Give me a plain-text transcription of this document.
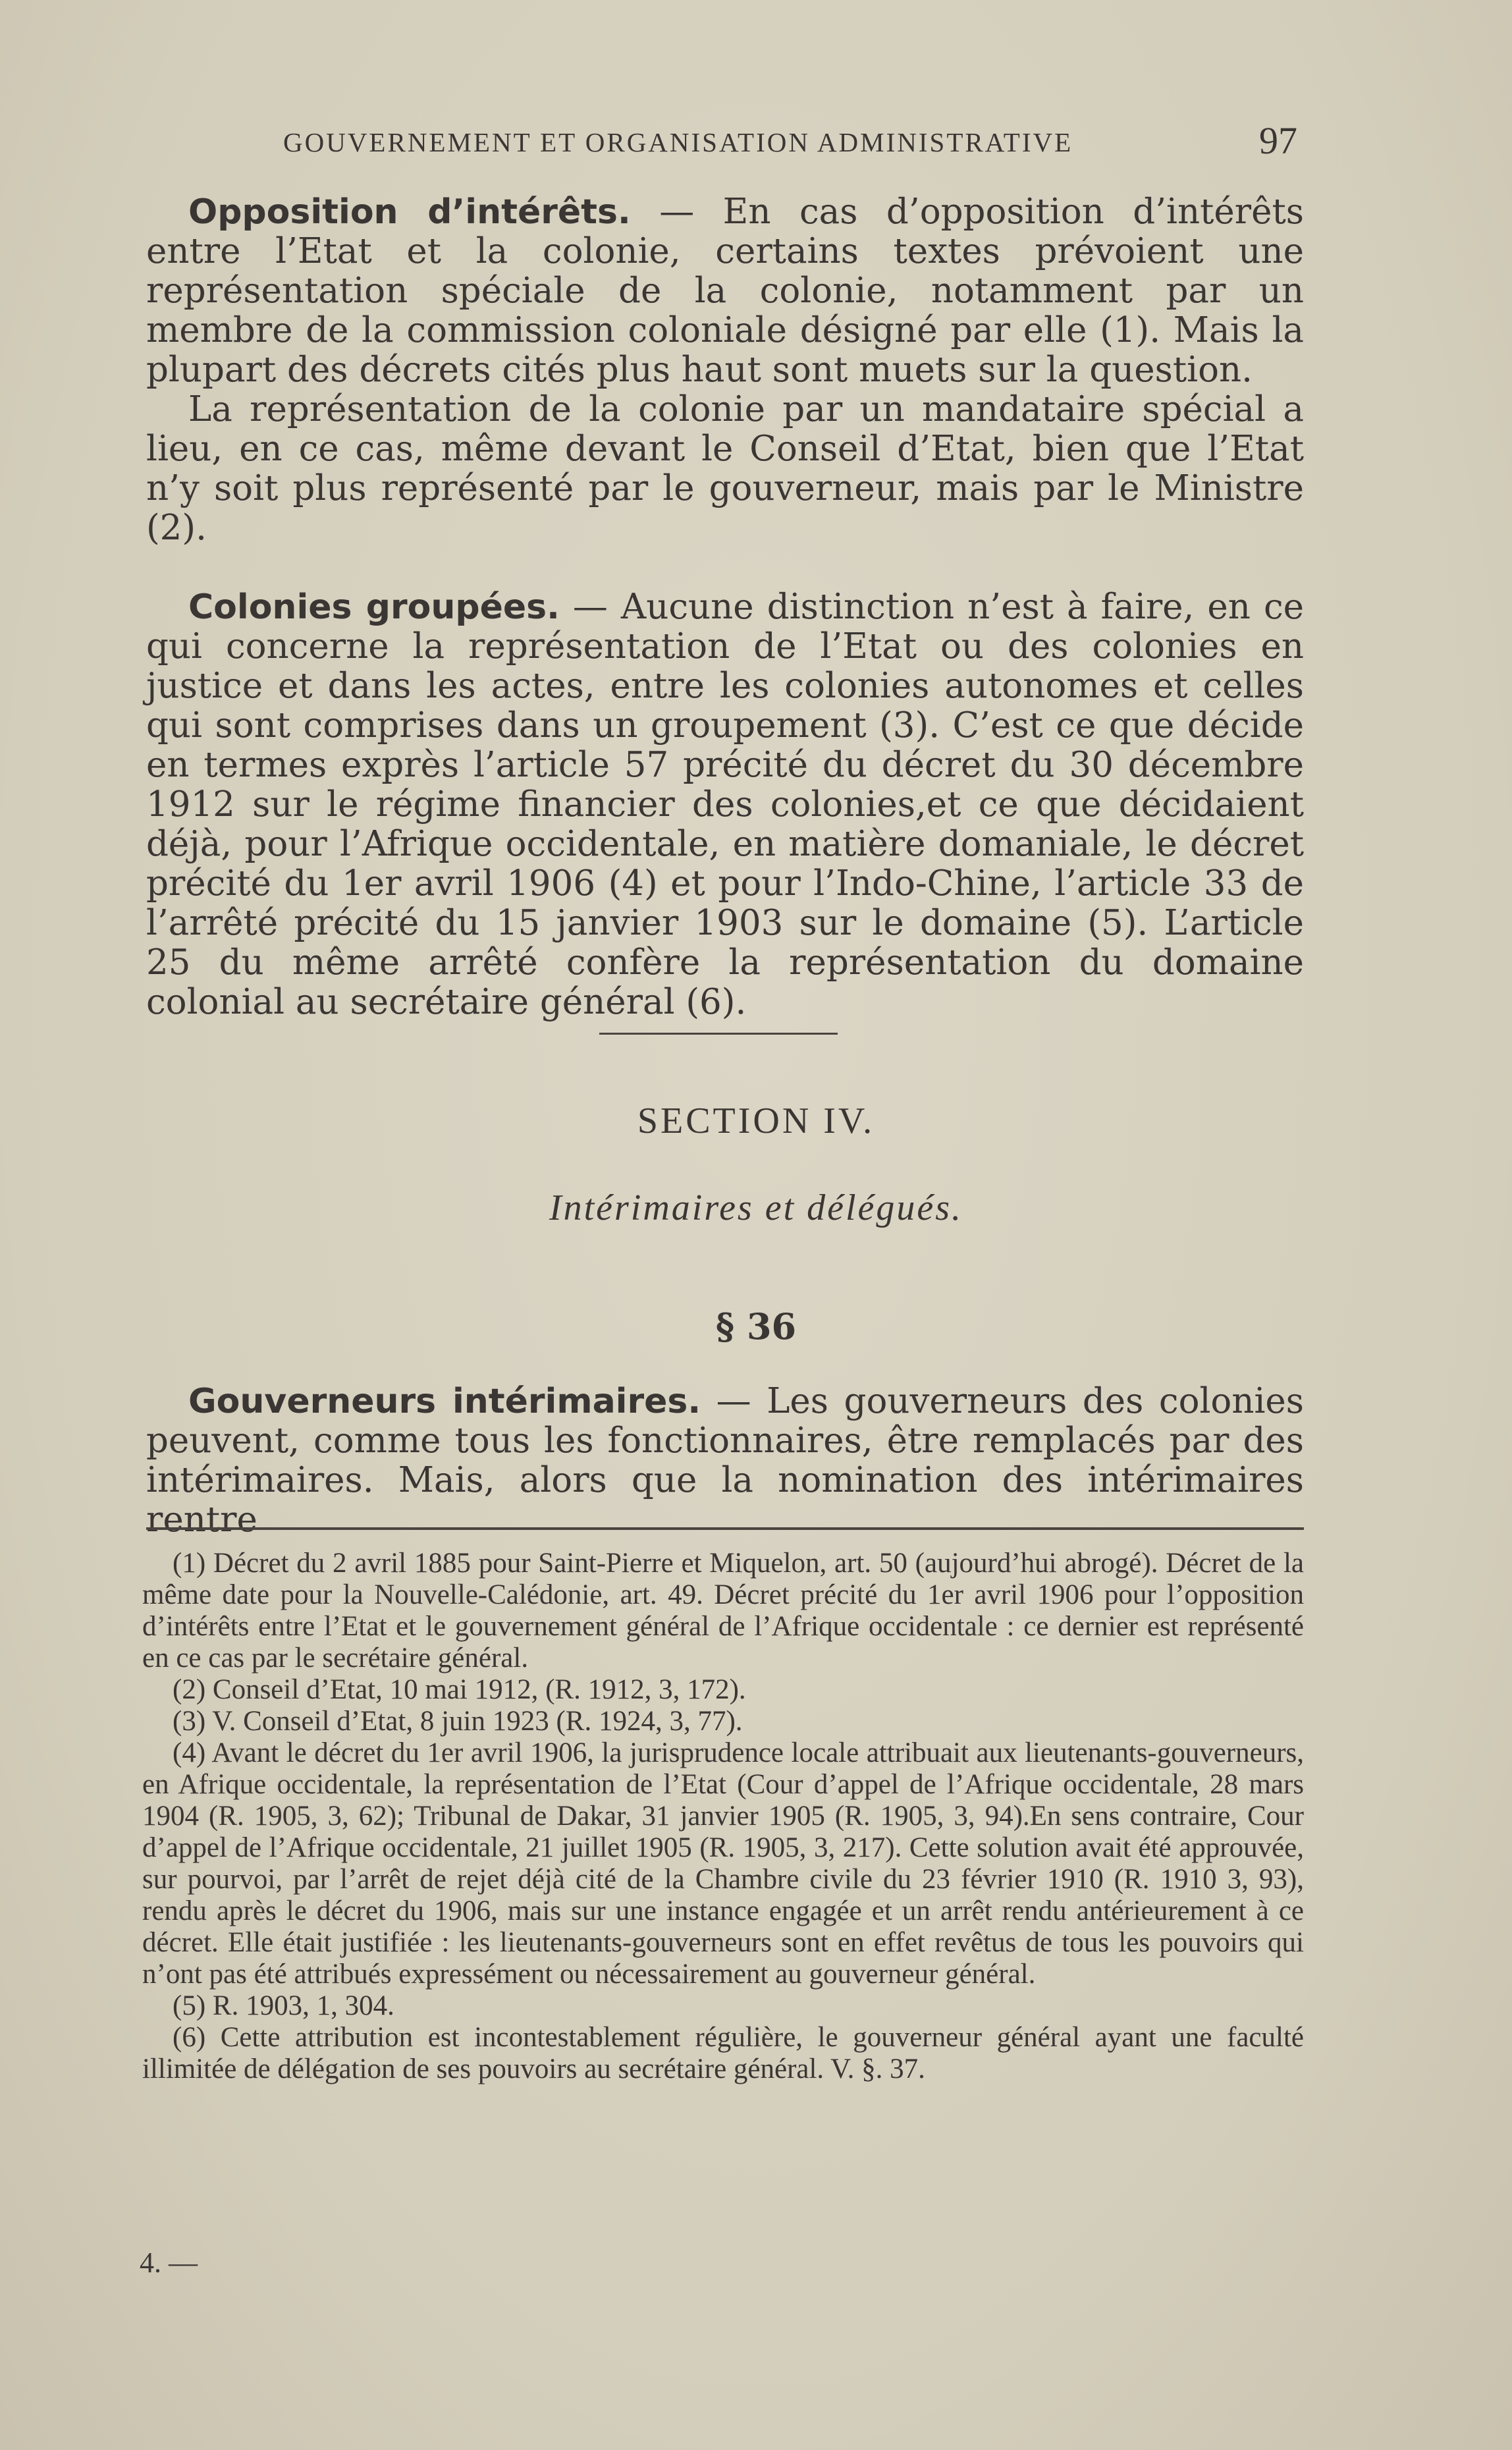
GOUVERNEMENT ET ORGANISATION ADMINISTRATIVE	97

Opposition d’intérêts. — En cas d’opposition d’intérêts entre l’Etat et la colonie, certains textes prévoient une représentation spéciale de la colonie, notamment par un membre de la commission coloniale désigné par elle (1). Mais la plupart des décrets cités plus haut sont muets sur la question.

La représentation de la colonie par un mandataire spécial a lieu, en ce cas, même devant le Conseil d’Etat, bien que l’Etat n’y soit plus représenté par le gouverneur, mais par le Ministre (2).

Colonies groupées. — Aucune distinction n’est à faire, en ce qui concerne la représentation de l’Etat ou des colonies en justice et dans les actes, entre les colonies autonomes et celles qui sont comprises dans un groupement (3). C’est ce que décide en termes exprès l’article 57 précité du décret du 30 décembre 1912 sur le régime financier des colonies,et ce que décidaient déjà, pour l’Afrique occidentale, en matière domaniale, le décret précité du 1er avril 1906 (4) et pour l’Indo-Chine, l’article 33 de l’arrêté précité du 15 janvier 1903 sur le domaine (5). L’article 25 du même arrêté confère la représentation du domaine colonial au secrétaire général (6).

SECTION IV.
Intérimaires et délégués.
§ 36

Gouverneurs intérimaires. — Les gouverneurs des colonies peuvent, comme tous les fonctionnaires, être remplacés par des intérimaires. Mais, alors que la nomination des intérimaires rentre

(1) Décret du 2 avril 1885 pour Saint-Pierre et Miquelon, art. 50 (aujourd’hui abrogé). Décret de la même date pour la Nouvelle-Calédonie, art. 49. Décret précité du 1er avril 1906 pour l’opposition d’intérêts entre l’Etat et le gouvernement général de l’Afrique occidentale : ce dernier est représenté en ce cas par le secrétaire général.

(2) Conseil d’Etat, 10 mai 1912, (R. 1912, 3, 172).

(3) V. Conseil d’Etat, 8 juin 1923 (R. 1924, 3, 77).

(4) Avant le décret du 1er avril 1906, la jurisprudence locale attribuait aux lieutenants-gouverneurs, en Afrique occidentale, la représentation de l’Etat (Cour d’appel de l’Afrique occidentale, 28 mars 1904 (R. 1905, 3, 62); Tribunal de Dakar, 31 janvier 1905 (R. 1905, 3, 94).En sens contraire, Cour d’appel de l’Afrique occidentale, 21 juillet 1905 (R. 1905, 3, 217). Cette solution avait été approuvée, sur pourvoi, par l’arrêt de rejet déjà cité de la Chambre civile du 23 février 1910 (R. 1910 3, 93), rendu après le décret du 1906, mais sur une instance engagée et un arrêt rendu antérieurement à ce décret. Elle était justifiée : les lieutenants-gouverneurs sont en effet revêtus de tous les pouvoirs qui n’ont pas été attribués expressément ou nécessairement au gouverneur général.

(5) R. 1903, 1, 304.

(6) Cette attribution est incontestablement régulière, le gouverneur général ayant une faculté illimitée de délégation de ses pouvoirs au secrétaire général. V. §. 37.

4. —
